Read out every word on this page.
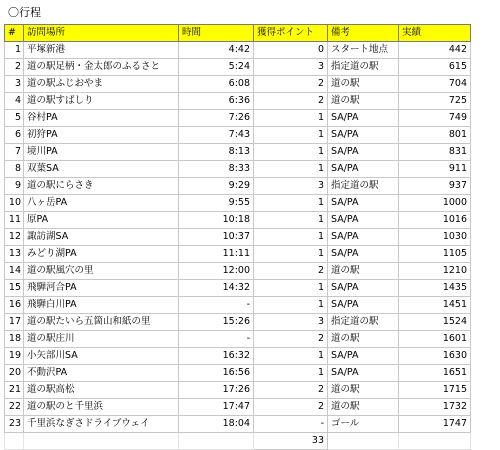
〇行程
#	訪問場所	時間	獲得ポイント	備考	実績
1	平塚新港	4:42	0	スタート地点	442
2	道の駅足柄・金太郎のふるさと	5:24	3	指定道の駅	615
3	道の駅ふじおやま	6:08	2	道の駅	704
4	道の駅すばしり	6:36	2	道の駅	725
5	谷村PA	7:26	1	SA/PA	749
6	初狩PA	7:43	1	SA/PA	801
7	境川PA	8:13	1	SA/PA	831
8	双葉SA	8:33	1	SA/PA	911
9	道の駅にらさき	9:29	3	指定道の駅	937
10	八ヶ岳PA	9:55	1	SA/PA	1000
11	原PA	10:18	1	SA/PA	1016
12	諏訪湖SA	10:37	1	SA/PA	1030
13	みどり湖PA	11:11	1	SA/PA	1105
14	道の駅風穴の里	12:00	2	道の駅	1210
15	飛騨河合PA	14:32	1	SA/PA	1435
16	飛騨白川PA	-	1	SA/PA	1451
17	道の駅たいら五箇山和紙の里	15:26	3	指定道の駅	1524
18	道の駅庄川	-	2	道の駅	1601
19	小矢部川SA	16:32	1	SA/PA	1630
20	不動沢PA	16:56	1	SA/PA	1651
21	道の駅高松	17:26	2	道の駅	1715
22	道の駅のと千里浜	17:47	2	道の駅	1732
23	千里浜なぎさドライブウェイ	18:04	-	ゴール	1747
			33		
